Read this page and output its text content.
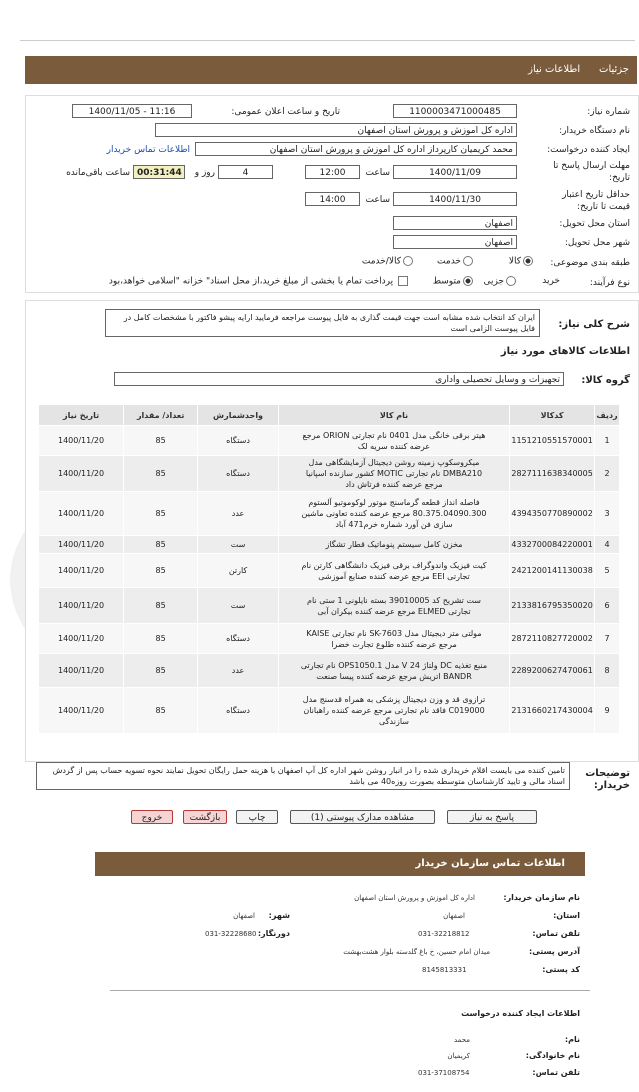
جزئیات اطلاعات نیاز
شماره نیاز:
1100003471000485
تاریخ و ساعت اعلان عمومی:
1400/11/05 - 11:16
نام دستگاه خریدار:
اداره کل اموزش و پرورش استان اصفهان
ایجاد کننده درخواست:
محمد کریمیان کارپرداز اداره کل اموزش و پرورش استان اصفهان
اطلاعات تماس خریدار
مهلت ارسال پاسخ تا
تاریخ:
1400/11/09
ساعت
12:00
4
روز و
00:31:44
ساعت باقی‌مانده
حداقل تاریخ اعتبار
قیمت تا تاریخ:
1400/11/30
ساعت
14:00
استان محل تحویل:
اصفهان
شهر محل تحویل:
اصفهان
طبقه بندی موضوعی:
کالا
خدمت
کالا/خدمت
نوع فرآیند:
خرید
جزیی
متوسط
پرداخت تمام یا بخشی از مبلغ خرید،از محل اسناد" خزانه "اسلامی خواهد،بود
شرح کلی نیاز:
ایران کد انتخاب شده مشابه است جهت قیمت گذاری به فایل پیوست مراجعه فرمایید ارایه پیشو فاکتور با مشخصات کامل در فایل پیوست الزامی است
اطلاعات کالاهای مورد نیاز
گروه کالا:
تجهیزات و وسایل تحصیلی واداری
ردیف	کدکالا	نام کالا	واحدشمارش	تعداد/ مقدار	تاریخ نیاز
1	1151210551570001	هیتر برقی خانگی مدل 0401 نام تجارتی ORION مرجع عرضه کننده سریه لک	دستگاه	85	1400/11/20
2	2827111638340005	میکروسکوپ زمینه روشن دیجیتال آزمایشگاهی مدل DMBA210 نام تجارتی MOTIC کشور سازنده اسپانیا مرجع عرضه کننده فرتاش داد	دستگاه	85	1400/11/20
3	4394350770890002	فاصله انداز قطعه گرماسنج موتور لوکوموتیو آلستوم 80.375.04090.300 مرجع عرضه کننده تعاونی ماشین سازی فن آورد شماره خرم471 آباد	عدد	85	1400/11/20
4	4332700084220001	مخزن کامل سیستم پنوماتیک قطار تشگاز	ست	85	1400/11/20
5	2421200141130038	کیت فیزیک واندوگراف برقی فیزیک دانشگاهی کارتن نام تجارتی EEI مرجع عرضه کننده صنایع آموزشی	کارتن	85	1400/11/20
6	2133816795350020	ست تشریح کد 39010005 بسته نایلونی 1 ستی نام تجارتی ELMED مرجع عرضه کننده بیکران آبی	ست	85	1400/11/20
7	2872110827720002	مولتی متر دیجیتال مدل SK-7603 نام تجارتی KAISE مرجع عرضه کننده طلوع تجارت خضرا	دستگاه	85	1400/11/20
8	2289200627470061	منبع تغذیه DC ولتاژ 24 V مدل OPS1050.1 نام تجارتی BANDR اتریش مرجع عرضه کننده پیسا صنعت	عدد	85	1400/11/20
9	2131660217430004	ترازوی قد و وزن دیجیتال پزشکی به همراه قدسنج مدل C019000 فاقد نام تجارتی مرجع عرضه کننده راهبانان سازندگی	دستگاه	85	1400/11/20
توضیحات
خریدار:
تامین کننده می بایست اقلام خریداری شده را در انبار روشن شهر اداره کل آپ اصفهان با هزینه حمل رایگان تحویل نمایند نحوه تسویه حساب پس از گردش اسناد مالی و تایید کارشناسان متوسطه بصورت روزه40 می باشد
پاسخ به نیاز
مشاهده مدارک پیوستی (1)
چاپ
بازگشت
خروج
اطلاعات تماس سازمان خریدار
نام سازمان خریدار:
اداره کل اموزش و پرورش استان اصفهان
استان:
اصفهان
شهر:
اصفهان
تلفن تماس:
031-32218812
دورنگار:
031-32228680
آدرس پستی:
میدان امام حسین، خ باغ گلدسته بلوار هشت‌بهشت
کد پستی:
8145813331
اطلاعات ایجاد کننده درخواست
نام:
محمد
نام خانوادگی:
کریمیان
تلفن تماس:
031-37108754
